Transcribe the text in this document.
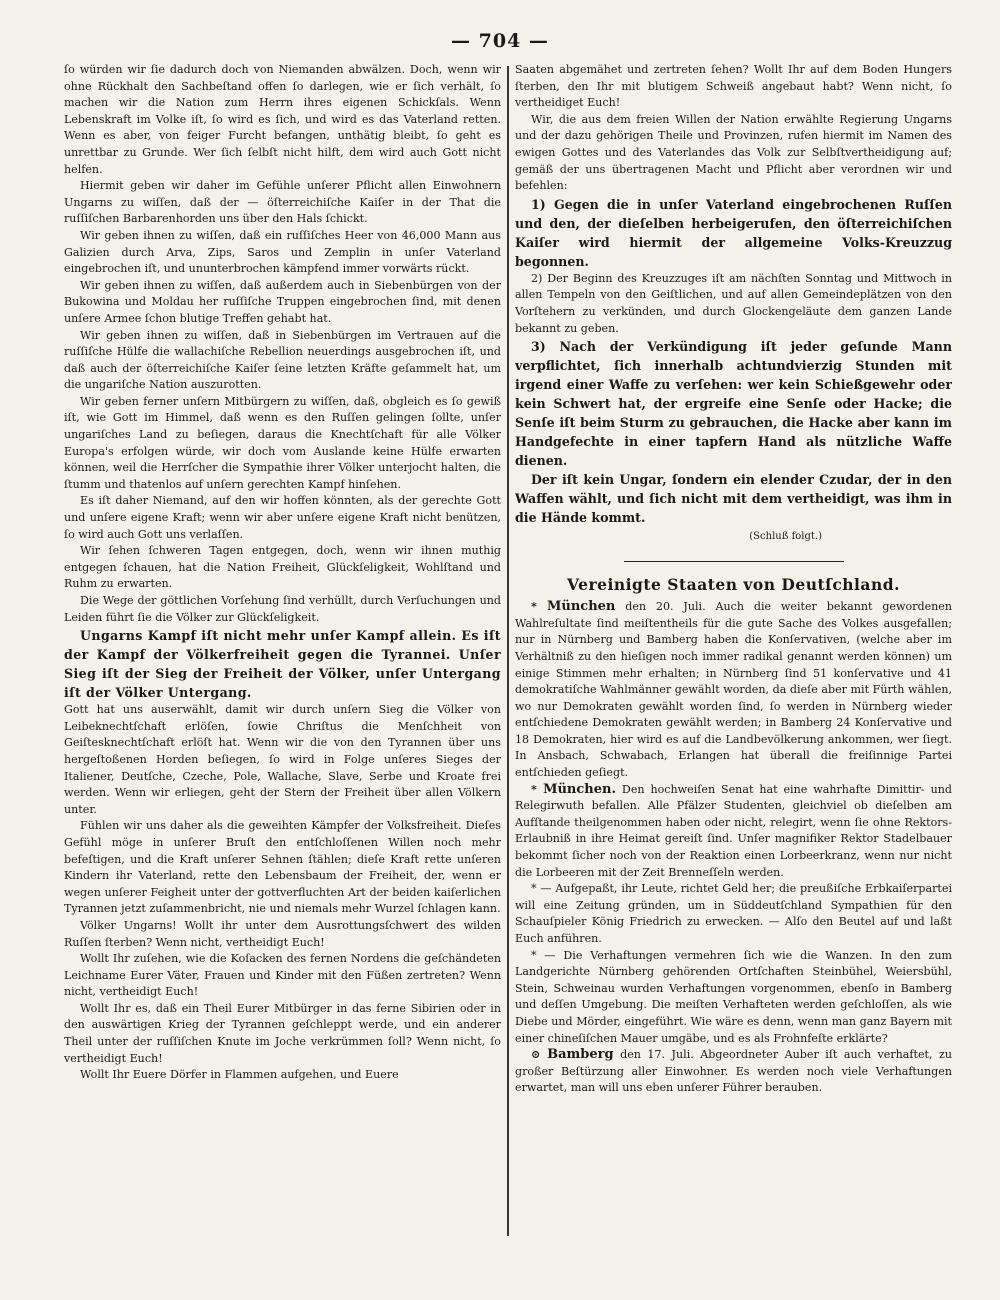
— 704 —

ſo würden wir ſie dadurch doch von Niemanden abwälzen. Doch, wenn wir ohne Rückhalt den Sachbeſtand offen ſo darlegen, wie er ſich verhält, ſo machen wir die Nation zum Herrn ihres eigenen Schickſals. Wenn Lebenskraft im Volke iſt, ſo wird es ſich, und wird es das Vaterland retten. Wenn es aber, von feiger Furcht befangen, unthätig bleibt, ſo geht es unrettbar zu Grunde. Wer ſich ſelbſt nicht hilft, dem wird auch Gott nicht helfen.

Hiermit geben wir daher im Gefühle unſerer Pflicht allen Einwohnern Ungarns zu wiſſen, daß der — öſterreichiſche Kaiſer in der That die ruſſiſchen Barbarenhorden uns über den Hals ſchickt.

Wir geben ihnen zu wiſſen, daß ein ruſſiſches Heer von 46,000 Mann aus Galizien durch Arva, Zips, Saros und Zemplin in unſer Vaterland eingebrochen iſt, und ununterbrochen kämpfend immer vorwärts rückt.

Wir geben ihnen zu wiſſen, daß außerdem auch in Siebenbürgen von der Bukowina und Moldau her ruſſiſche Truppen eingebrochen ſind, mit denen unſere Armee ſchon blutige Treffen gehabt hat.

Wir geben ihnen zu wiſſen, daß in Siebenbürgen im Vertrauen auf die ruſſiſche Hülfe die wallachiſche Rebellion neuerdings ausgebrochen iſt, und daß auch der öſterreichiſche Kaiſer ſeine letzten Kräfte geſammelt hat, um die ungariſche Nation auszurotten.

Wir geben ferner unſern Mitbürgern zu wiſſen, daß, obgleich es ſo gewiß iſt, wie Gott im Himmel, daß wenn es den Ruſſen gelingen ſollte, unſer ungariſches Land zu beſiegen, daraus die Knechtſchaft für alle Völker Europa's erfolgen würde, wir doch vom Auslande keine Hülfe erwarten können, weil die Herrſcher die Sympathie ihrer Völker unterjocht halten, die ſtumm und thatenlos auf unſern gerechten Kampf hinſehen.

Es iſt daher Niemand, auf den wir hoffen könnten, als der gerechte Gott und unſere eigene Kraft; wenn wir aber unſere eigene Kraft nicht benützen, ſo wird auch Gott uns verlaſſen.

Wir ſehen ſchweren Tagen entgegen, doch, wenn wir ihnen muthig entgegen ſchauen, hat die Nation Freiheit, Glückſeligkeit, Wohlſtand und Ruhm zu erwarten.

Die Wege der göttlichen Vorſehung ſind verhüllt, durch Verſuchungen und Leiden führt ſie die Völker zur Glückſeligkeit.

Ungarns Kampf iſt nicht mehr unſer Kampf allein. Es iſt der Kampf der Völkerfreiheit gegen die Tyrannei. Unſer Sieg iſt der Sieg der Freiheit der Völker, unſer Untergang iſt der Völker Untergang.

Gott hat uns auserwählt, damit wir durch unſern Sieg die Völker von Leibeknechtſchaft erlöſen, ſowie Chriſtus die Menſchheit von Geiſtesknechtſchaft erlöſt hat. Wenn wir die von den Tyrannen über uns hergeſtoßenen Horden beſiegen, ſo wird in Folge unſeres Sieges der Italiener, Deutſche, Czeche, Pole, Wallache, Slave, Serbe und Kroate frei werden. Wenn wir erliegen, geht der Stern der Freiheit über allen Völkern unter.

Fühlen wir uns daher als die geweihten Kämpfer der Volksfreiheit. Dieſes Gefühl möge in unſerer Bruſt den entſchloſſenen Willen noch mehr befeſtigen, und die Kraft unſerer Sehnen ſtählen; dieſe Kraft rette unſeren Kindern ihr Vaterland, rette den Lebensbaum der Freiheit, der, wenn er wegen unſerer Feigheit unter der gottverfluchten Art der beiden kaiſerlichen Tyrannen jetzt zuſammenbricht, nie und niemals mehr Wurzel ſchlagen kann.

Völker Ungarns! Wollt ihr unter dem Ausrottungsſchwert des wilden Ruſſen ſterben? Wenn nicht, vertheidigt Euch!

Wollt Ihr zuſehen, wie die Koſacken des fernen Nordens die geſchändeten Leichname Eurer Väter, Frauen und Kinder mit den Füßen zertreten? Wenn nicht, vertheidigt Euch!

Wollt Ihr es, daß ein Theil Eurer Mitbürger in das ferne Sibirien oder in den auswärtigen Krieg der Tyrannen geſchleppt werde, und ein anderer Theil unter der ruſſiſchen Knute im Joche verkrümmen ſoll? Wenn nicht, ſo vertheidigt Euch!

Wollt Ihr Euere Dörfer in Flammen aufgehen, und Euere

Saaten abgemähet und zertreten ſehen? Wollt Ihr auf dem Boden Hungers ſterben, den Ihr mit blutigem Schweiß angebaut habt? Wenn nicht, ſo vertheidiget Euch!

Wir, die aus dem freien Willen der Nation erwählte Regierung Ungarns und der dazu gehörigen Theile und Provinzen, rufen hiermit im Namen des ewigen Gottes und des Vaterlandes das Volk zur Selbſtvertheidigung auf; gemäß der uns übertragenen Macht und Pflicht aber verordnen wir und befehlen:

1) Gegen die in unſer Vaterland eingebrochenen Ruſſen und den, der dieſelben herbeigerufen, den öſterreichiſchen Kaiſer wird hiermit der allgemeine Volks-Kreuzzug begonnen.

2) Der Beginn des Kreuzzuges iſt am nächſten Sonntag und Mittwoch in allen Tempeln von den Geiſtlichen, und auf allen Gemeindeplätzen von den Vorſtehern zu verkünden, und durch Glockengeläute dem ganzen Lande bekannt zu geben.

3) Nach der Verkündigung iſt jeder geſunde Mann verpflichtet, ſich innerhalb achtundvierzig Stunden mit irgend einer Waffe zu verſehen: wer kein Schießgewehr oder kein Schwert hat, der ergreife eine Senſe oder Hacke; die Senſe iſt beim Sturm zu gebrauchen, die Hacke aber kann im Handgefechte in einer tapfern Hand als nützliche Waffe dienen.

Der iſt kein Ungar, ſondern ein elender Czudar, der in den Waffen wählt, und ſich nicht mit dem vertheidigt, was ihm in die Hände kommt.

(Schluß folgt.)

Vereinigte Staaten von Deutſchland.

* München den 20. Juli. Auch die weiter bekannt gewordenen Wahlreſultate ſind meiſtentheils für die gute Sache des Volkes ausgefallen; nur in Nürnberg und Bamberg haben die Konſervativen, (welche aber im Verhältniß zu den hieſigen noch immer radikal genannt werden können) um einige Stimmen mehr erhalten; in Nürnberg ſind 51 konſervative und 41 demokratiſche Wahlmänner gewählt worden, da dieſe aber mit Fürth wählen, wo nur Demokraten gewählt worden ſind, ſo werden in Nürnberg wieder entſchiedene Demokraten gewählt werden; in Bamberg 24 Konſervative und 18 Demokraten, hier wird es auf die Landbevölkerung ankommen, wer ſiegt. In Ansbach, Schwabach, Erlangen hat überall die freiſinnige Partei entſchieden geſiegt.

* München. Den hochweiſen Senat hat eine wahrhafte Dimittir- und Relegirwuth befallen. Alle Pfälzer Studenten, gleichviel ob dieſelben am Aufſtande theilgenommen haben oder nicht, relegirt, wenn ſie ohne Rektors-Erlaubniß in ihre Heimat gereiſt ſind. Unſer magnifiker Rektor Stadelbauer bekommt ſicher noch von der Reaktion einen Lorbeerkranz, wenn nur nicht die Lorbeeren mit der Zeit Brenneſſeln werden.

* — Aufgepaßt, ihr Leute, richtet Geld her; die preußiſche Erbkaiſerpartei will eine Zeitung gründen, um in Süddeutſchland Sympathien für den Schauſpieler König Friedrich zu erwecken. — Alſo den Beutel auf und laßt Euch anführen.

* — Die Verhaftungen vermehren ſich wie die Wanzen. In den zum Landgerichte Nürnberg gehörenden Ortſchaften Steinbühel, Weiersbühl, Stein, Schweinau wurden Verhaftungen vorgenommen, ebenſo in Bamberg und deſſen Umgebung. Die meiſten Verhafteten werden geſchloſſen, als wie Diebe und Mörder, eingeführt. Wie wäre es denn, wenn man ganz Bayern mit einer chineſiſchen Mauer umgäbe, und es als Frohnfeſte erklärte?

⊙ Bamberg den 17. Juli. Abgeordneter Auber iſt auch verhaftet, zu großer Beſtürzung aller Einwohner. Es werden noch viele Verhaftungen erwartet, man will uns eben unſerer Führer berauben.
